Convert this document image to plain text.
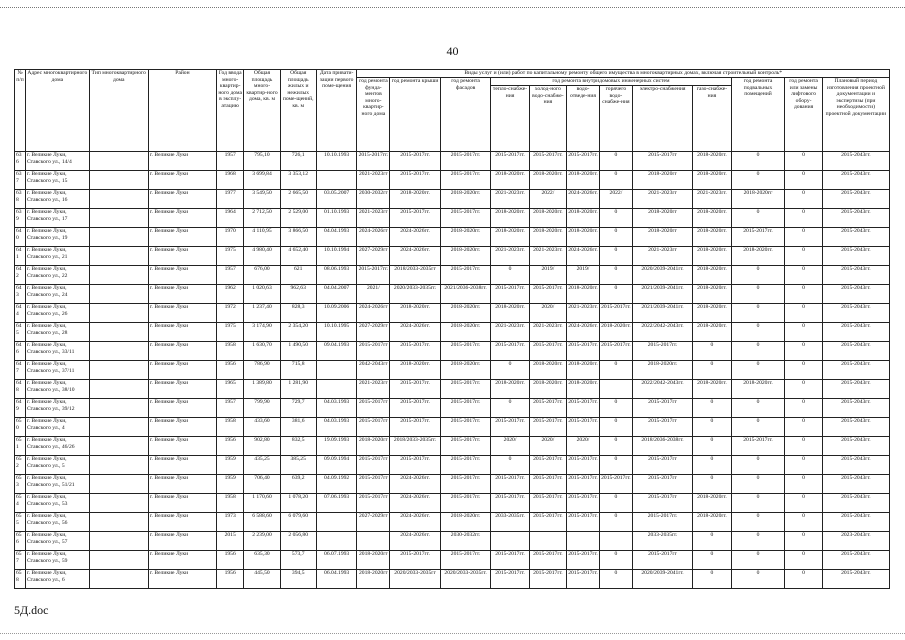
40
№ п/п	Адрес многоквартирного дома	Тип многоквартирного дома	Район	Год ввода много-квартир-ного дома в эксплу-атацию	Общая площадь много-квартир-ного дома, кв. м	Общая площадь жилых и нежилых поме-щений, кв. м	Дата привати-зации первого поме-щения	Виды услуг и (или) работ по капитальному ремонту общего имущества в многоквартирных домах, включая строительный контроль*											
								год ремонта фунда-ментов много-квартир-ного дома	год ремонта крыши	год ремонта фасадов	год ремонта внутридомовых инженерных систем						год ремонта подвальных помещений	год ремонта или замены лифтового обору-дования	Плановый период изготовления проектной документации и экспертизы (при необходимости) проектной документации
											тепло-снабже-ния	холод-ного водо-снабже-ния	водо-отведе-ния	горячего водо-снабже-ния	электро-снабжения	газо-снабже-ния			
636	г. Великие Луки, Ставского ул., 14/4		г. Великие Луки	1957	795,10	726,1	10.10.1993	2015-2017гг.	2015-2017гг.	2015-2017гг.	2015-2017гг.	2015-2017гг.	2015-2017гг.	0	2015-2017гг	2018-2020гг.	0	0	2015-2043гг.
637	г. Великие Луки, Ставского ул., 15		г. Великие Луки	1968	3 699,84	3 353,12		2021-2023гг	2015-2017гг.	2015-2017гг.	2018-2020гг.	2018-2020гг.	2018-2020гг.	0	2018-2020гг	2018-2020гг.	0	0	2015-2043гг.
638	г. Великие Луки, Ставского ул., 16		г. Великие Луки	1977	3 549,50	2 665,50	03.05.2007	2030-2032гг	2018-2020гг.	2018-2020гг.	2021-2023гг.	2022/	2024-2026гг.	2022/	2021-2023гг	2021-2023гг.	2018-2020гг	0	2015-2043гг.
639	г. Великие Луки, Ставского ул., 17		г. Великие Луки	1964	2 712,50	2 529,00	01.10.1993	2021-2023гг	2015-2017гг.	2015-2017гг.	2018-2020гг.	2018-2020гг.	2018-2020гг.	0	2018-2020гг	2018-2020гг.	0	0	2015-2043гг.
640	г. Великие Луки, Ставского ул., 19		г. Великие Луки	1970	4 110,95	3 866,50	04.04.1993	2024-2026гг	2024-2026гг.	2018-2020гг.	2018-2020гг.	2018-2020гг.	2018-2020гг.	0	2018-2020гг	2018-2020гг.	2015-2017гг.	0	2015-2043гг.
641	г. Великие Луки, Ставского ул., 21		г. Великие Луки	1975	4 980,40	4 652,40	10.10.1994	2027-2029гг	2024-2026гг.	2018-2020гг.	2021-2023гг.	2021-2023гг.	2024-2026гг.	0	2021-2023гг	2018-2020гг.	2018-2020гг.	0	2015-2043гг.
642	г. Великие Луки, Ставского ул., 22		г. Великие Луки	1957	676,00	621	08.06.1993	2015-2017гг.	2018/2033-2035гг	2015-2017гг.	0	2019/	2019/	0	2020/2039-2041гг.	2018-2020гг.	0	0	2015-2043гг.
643	г. Великие Луки, Ставского ул., 24		г. Великие Луки	1962	1 020,63	962,63	04.04.2007	2021/	2020/2033-2035гг.	2021/2036-2038гг.	2015-2017гг.	2015-2017гг.	2018-2020гг.	0	2021/2039-2041гг.	2018-2020гг.	0	0	2015-2043гг.
644	г. Великие Луки, Ставского ул., 26		г. Великие Луки	1972	1 237,40	828,3	10.09.2006	2024-2026гг	2018-2020гг.	2018-2020гг.	2018-2020гг.	2020/	2021-2023гг.	2015-2017гг.	2021/2039-2041гг.	2018-2020гг.	0	0	2015-2043гг.
645	г. Великие Луки, Ставского ул., 28		г. Великие Луки	1975	3 174,90	2 354,20	10.10.1995	2027-2029гг	2024-2026гг.	2018-2020гг.	2021-2023гг.	2021-2023гг.	2024-2026гг.	2018-2020гг.	2022/2042-2043гг.	2018-2020гг.	0	0	2015-2043гг.
646	г. Великие Луки, Ставского ул., 33/11		г. Великие Луки	1958	1 630,70	1 490,50	09.04.1993	2015-2017гг	2015-2017гг.	2015-2017гг.	2015-2017гг.	2015-2017гг.	2015-2017гг.	2015-2017гг.	2015-2017гг.	0	0	0	2015-2043гг.
647	г. Великие Луки, Ставского ул., 37/11		г. Великие Луки	1956	786,90	715,8		2042-2043гг	2018-2020гг.	2018-2020гг.	0	2018-2020гг.	2018-2020гг.	0	2018-2020гг.	0	0	0	2015-2043гг.
648	г. Великие Луки, Ставского ул., 38/10		г. Великие Луки	1965	1 389,80	1 281,90		2021-2023гг	2015-2017гг.	2015-2017гг.	2018-2020гг.	2018-2020гг.	2018-2020гг.		2022/2042-2043гг.	2018-2020гг.	2018-2020гг.	0	2015-2043гг.
649	г. Великие Луки, Ставского ул., 39/12		г. Великие Луки	1957	799,90	729,7	04.03.1993	2015-2017гг	2015-2017гг.	2015-2017гг.	0	2015-2017гг.	2015-2017гг.	0	2015-2017гг	0	0	0	2015-2043гг.
650	г. Великие Луки, Ставского ул., 4		г. Великие Луки	1958	433,60	381,6	04.03.1993	2015-2017гг	2015-2017гг.	2015-2017гг.	2015-2017гг.	2015-2017гг.	2015-2017гг.	0	2015-2017гг	0	0	0	2015-2043гг.
651	г. Великие Луки, Ставского ул., 46/26		г. Великие Луки	1956	902,80	832,5	19.09.1993	2018-2020гг	2018/2033-2035гг.	2015-2017гг.	2020/	2020/	2020/	0	2018/2036-2038гг.	0	2015-2017гг.	0	2015-2043гг.
652	г. Великие Луки, Ставского ул., 5		г. Великие Луки	1959	435,25	385,25	09.09.1994	2015-2017гг	2015-2017гг.	2015-2017гг.	0	2015-2017гг.	2015-2017гг.	0	2015-2017гг	0	0	0	2015-2043гг.
653	г. Великие Луки, Ставского ул., 51/21		г. Великие Луки	1959	706,40	639,2	04.09.1992	2015-2017гг	2024-2026гг.	2015-2017гг.	2015-2017гг.	2015-2017гг.	2015-2017гг.	2015-2017гг.	2015-2017гг	0	0	0	2015-2043гг.
654	г. Великие Луки, Ставского ул., 53		г. Великие Луки	1958	1 170,60	1 078,20	07.06.1993	2015-2017гг	2024-2026гг.	2015-2017гг.	2015-2017гг.	2015-2017гг.	2015-2017гг.	0	2015-2017гг	2018-2020гг.	0	0	2015-2043гг.
655	г. Великие Луки, Ставского ул., 56		г. Великие Луки	1973	6 588,60	6 079,60		2027-2029гг	2024-2026гг.	2018-2020гг.	2033-2035гг.	2015-2017гг.	2015-2017гг.	0	2015-2017гг.	2018-2020гг.	0	0	2015-2043гг.
656	г. Великие Луки, Ставского ул., 57		г. Великие Луки	2015	2 239,00	2 056,80			2024-2026гг.	2030-2032гг.					2033-2035гг.	0	0	0	2023-2043гг.
657	г. Великие Луки, Ставского ул., 59		г. Великие Луки	1956	635,30	573,7	06.07.1993	2018-2020гг	2015-2017гг.	2015-2017гг.	2015-2017гг.	2015-2017гг.	2015-2017гг.	0	2015-2017гг	0	0	0	2015-2043гг.
658	г. Великие Луки, Ставского ул., 6		г. Великие Луки	1956	445,50	394,5	06.04.1993	2018-2020гг	2020/2033-2035гг	2020/2033-2035гг.	2015-2017гг.	2015-2017гг.	2015-2017гг.	0	2020/2039-2041гг.	0	0	0	2015-2043гг.
5Д.doc
